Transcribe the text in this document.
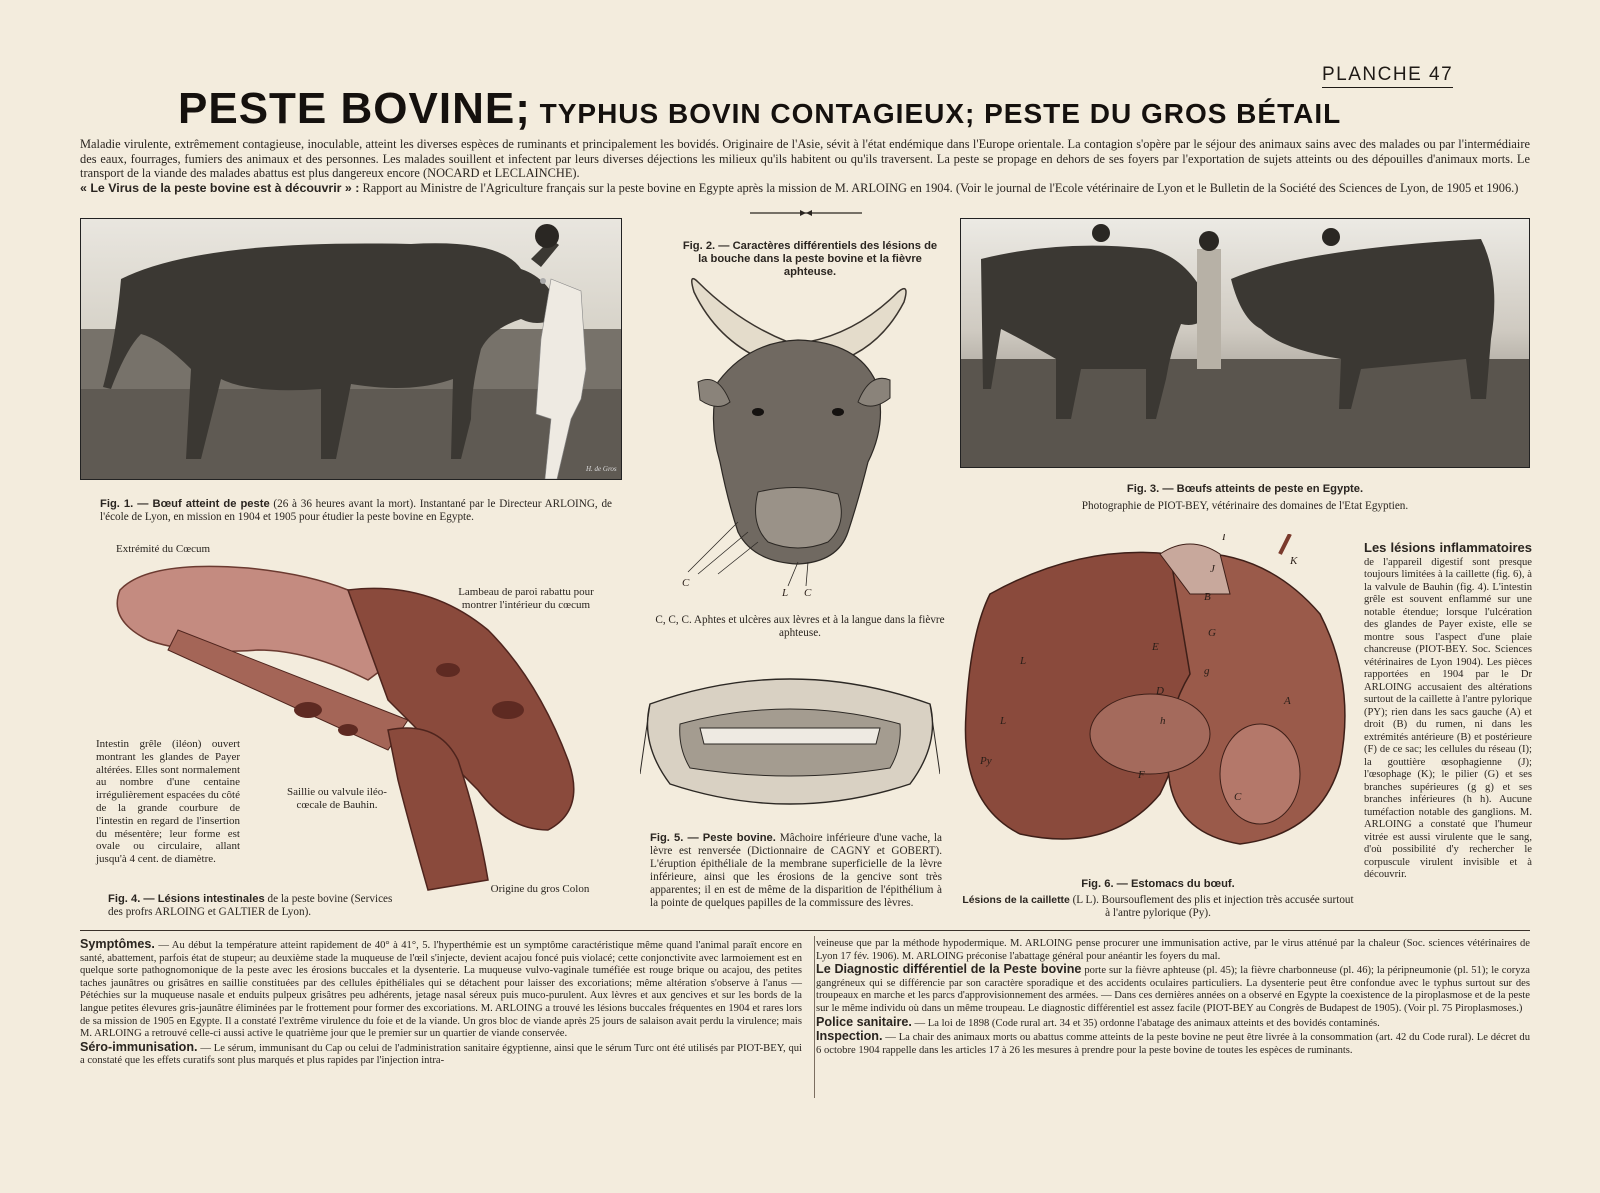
PLANCHE 47
PESTE BOVINE; TYPHUS BOVIN CONTAGIEUX; PESTE DU GROS BÉTAIL
Maladie virulente, extrêmement contagieuse, inoculable, atteint les diverses espèces de ruminants et principalement les bovidés. Originaire de l'Asie, sévit à l'état endémique dans l'Europe orientale. La contagion s'opère par le séjour des animaux sains avec des malades ou par l'intermédiaire des eaux, fourrages, fumiers des animaux et des personnes. Les malades souillent et infectent par leurs diverses déjections les milieux qu'ils habitent ou qu'ils traversent. La peste se propage en dehors de ses foyers par l'exportation de sujets atteints ou des dépouilles d'animaux morts. Le transport de la viande des malades abattus est plus dangereux encore (NOCARD et LECLAINCHE).
« Le Virus de la peste bovine est à découvrir » : Rapport au Ministre de l'Agriculture français sur la peste bovine en Egypte après la mission de M. ARLOING en 1904. (Voir le journal de l'Ecole vétérinaire de Lyon et le Bulletin de la Société des Sciences de Lyon, de 1905 et 1906.)
H. de Gros
Fig. 1. — Bœuf atteint de peste (26 à 36 heures avant la mort). Instantané par le Directeur ARLOING, de l'école de Lyon, en mission en 1904 et 1905 pour étudier la peste bovine en Egypte.
Fig. 2. — Caractères différentiels des lésions de la bouche dans la peste bovine et la fièvre aphteuse.
C
L C
C, C, C. Aphtes et ulcères aux lèvres et à la langue dans la fièvre aphteuse.
Fig. 3. — Bœufs atteints de peste en Egypte.
Photographie de PIOT-BEY, vétérinaire des domaines de l'Etat Egyptien.
Extrémité du Cœcum
Lambeau de paroi rabattu pour montrer l'intérieur du cœcum
Intestin grêle (iléon) ouvert montrant les glandes de Payer altérées. Elles sont normalement au nombre d'une centaine irrégulièrement espacées du côté de la grande courbure de l'intestin en regard de l'insertion du mésentère; leur forme est ovale ou circulaire, allant jusqu'à 4 cent. de diamètre.
Saillie ou valvule iléo-cœcale de Bauhin.
Origine du gros Colon
Fig. 4. — Lésions intestinales de la peste bovine (Services des profrs ARLOING et GALTIER de Lyon).
Fig. 5. — Peste bovine. Mâchoire inférieure d'une vache, la lèvre est renversée (Dictionnaire de CAGNY et GOBERT). L'éruption épithéliale de la membrane superficielle de la lèvre inférieure, ainsi que les érosions de la gencive sont très apparentes; il en est de même de la disparition de l'épithélium à la pointe de quelques papilles de la commissure des lèvres.
I
K
J
B
G
E
g
D
A
h
F
C
L
L
Py
Fig. 6. — Estomacs du bœuf.
Lésions de la caillette (L L). Boursouflement des plis et injection très accusée surtout à l'antre pylorique (Py).
Les lésions inflammatoires de l'appareil digestif sont presque toujours limitées à la caillette (fig. 6), à la valvule de Bauhin (fig. 4). L'intestin grêle est souvent enflammé sur une notable étendue; lorsque l'ulcération des glandes de Payer existe, elle se montre sous l'aspect d'une plaie chancreuse (PIOT-BEY. Soc. Sciences vétérinaires de Lyon 1904). Les pièces rapportées en 1904 par le Dr ARLOING accusaient des altérations surtout de la caillette à l'antre pylorique (PY); rien dans les sacs gauche (A) et droit (B) du rumen, ni dans les extrémités antérieure (B) et postérieure (F) de ce sac; les cellules du réseau (I); la gouttière œsophagienne (J); l'œsophage (K); le pilier (G) et ses branches supérieures (g g) et ses branches inférieures (h h). Aucune tuméfaction notable des ganglions. M. ARLOING a constaté que l'humeur vitrée est aussi virulente que le sang, d'où possibilité d'y rechercher le corpuscule virulent invisible et à découvrir.

Symptômes. — Au début la température atteint rapidement de 40° à 41°, 5. l'hyperthémie est un symptôme caractéristique même quand l'animal paraît encore en santé, abattement, parfois état de stupeur; au deuxième stade la muqueuse de l'œil s'injecte, devient acajou foncé puis violacé; cette conjonctivite avec larmoiement est en quelque sorte pathognomonique de la peste avec les érosions buccales et la dysenterie. La muqueuse vulvo-vaginale tuméfiée est rouge brique ou acajou, des petites taches jaunâtres ou grisâtres en saillie constituées par des cellules épithéliales qui se détachent pour laisser des excoriations; même altération s'observe à l'anus — Pétéchies sur la muqueuse nasale et enduits pulpeux grisâtres peu adhérents, jetage nasal séreux puis muco-purulent. Aux lèvres et aux gencives et sur les bords de la langue petites élevures gris-jaunâtre éliminées par le frottement pour former des excoriations. M. ARLOING a trouvé les lésions buccales fréquentes en 1904 et rares lors de sa mission de 1905 en Egypte. Il a constaté l'extrême virulence du foie et de la viande. Un gros bloc de viande après 25 jours de salaison avait perdu la virulence; mais M. ARLOING a retrouvé celle-ci aussi active le quatrième jour que le premier sur un quartier de viande conservée.

Séro-immunisation. — Le sérum, immunisant du Cap ou celui de l'administration sanitaire égyptienne, ainsi que le sérum Turc ont été utilisés par PIOT-BEY, qui a constaté que les effets curatifs sont plus marqués et plus rapides par l'injection intra-

veineuse que par la méthode hypodermique. M. ARLOING pense procurer une immunisation active, par le virus atténué par la chaleur (Soc. sciences vétérinaires de Lyon 17 fév. 1906). M. ARLOING préconise l'abattage général pour anéantir les foyers du mal.

Le Diagnostic différentiel de la Peste bovine porte sur la fièvre aphteuse (pl. 45); la fièvre charbonneuse (pl. 46); la péripneumonie (pl. 51); le coryza gangréneux qui se différencie par son caractère sporadique et des accidents oculaires particuliers. La dysenterie peut être confondue avec le typhus surtout sur des troupeaux en marche et les parcs d'approvisionnement des armées. — Dans ces dernières années on a observé en Egypte la coexistence de la piroplasmose et de la peste sur le même individu où dans un même troupeau. Le diagnostic différentiel est assez facile (PIOT-BEY au Congrès de Budapest de 1905). (Voir pl. 75 Piroplasmoses.)

Police sanitaire. — La loi de 1898 (Code rural art. 34 et 35) ordonne l'abatage des animaux atteints et des bovidés contaminés.

Inspection. — La chair des animaux morts ou abattus comme atteints de la peste bovine ne peut être livrée à la consommation (art. 42 du Code rural). Le décret du 6 octobre 1904 rappelle dans les articles 17 à 26 les mesures à prendre pour la peste bovine de toutes les espèces de ruminants.
